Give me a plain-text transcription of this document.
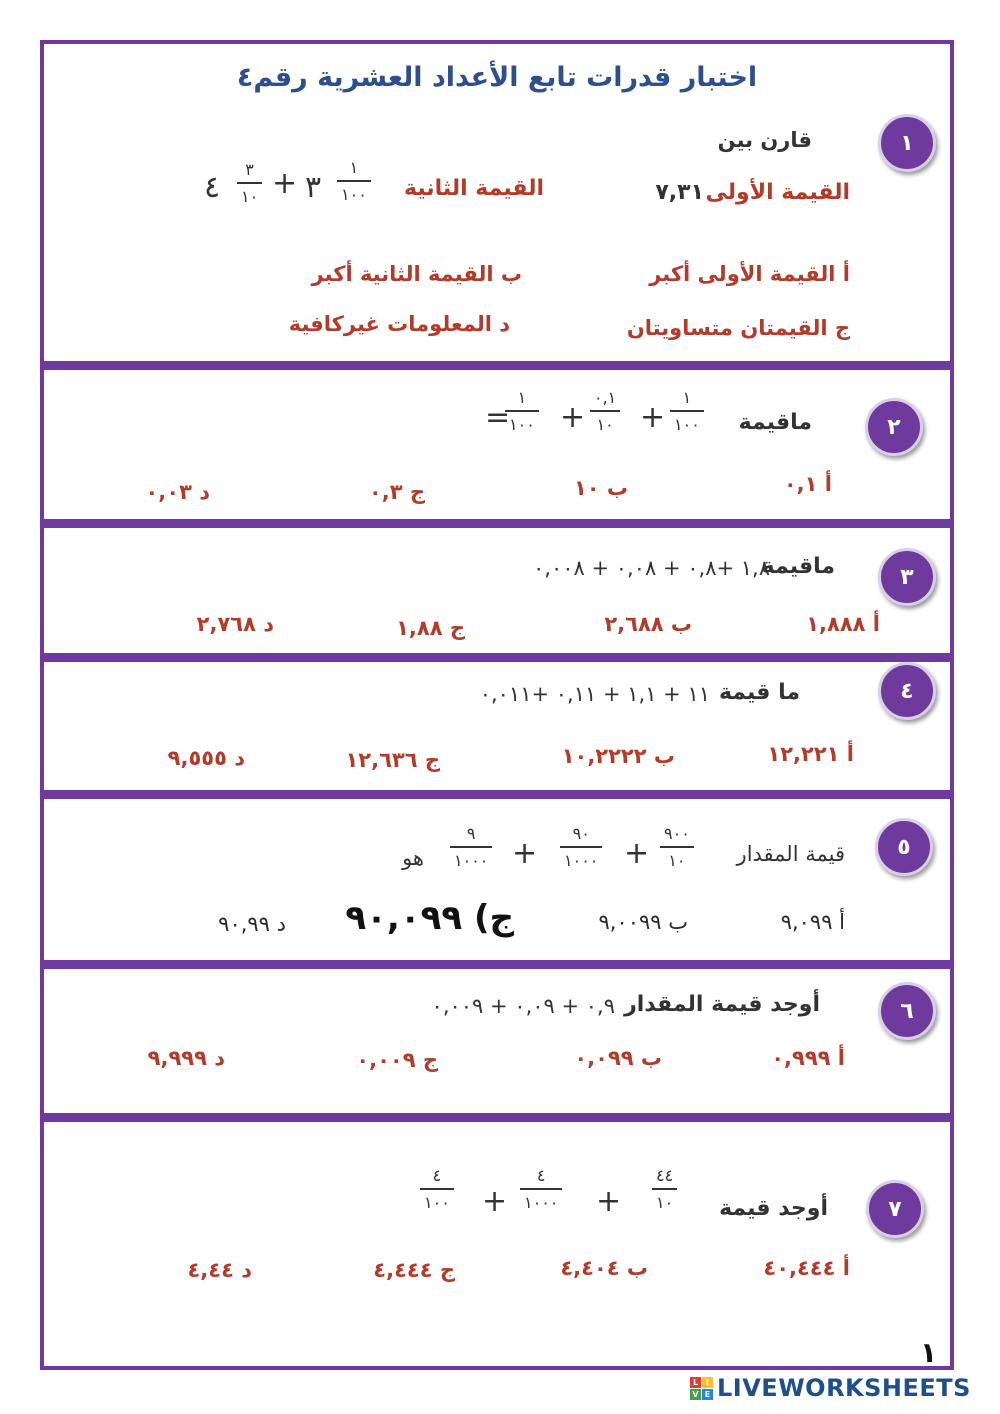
اختبار قدرات تابع الأعداد العشرية رقم٤
١
قارن بين
القيمة الأولى
٧,٣١
القيمة الثانية
١
١٠٠
٣
+
٣
١٠
٤
أ القيمة الأولى أكبر
ب القيمة الثانية أكبر
ج القيمتان متساويتان
د المعلومات غيركافية
٢
ماقيمة
١
١٠٠
+
٠,١
١٠
+
١
١٠٠
=
أ ٠,١
ب ١٠
ج ٠,٣
د ٠,٠٣
٣
ماقيمة
١,٨ +٠,٨ + ٠,٠٨ + ٠,٠٠٨
أ ١,٨٨٨
ب ٢,٦٨٨
ج ١,٨٨
د ٢,٧٦٨
٤
ما قيمة
١١ + ١,١ + ٠,١١ +٠,٠١١
أ ١٢,٢٢١
ب ١٠,٢٢٢٢
ج ١٢,٦٣٦
د ٩,٥٥٥
٥
قيمة المقدار
٩٠٠
١٠
+
٩٠
١٠٠٠
+
٩
١٠٠٠
هو
أ ٩,٠٩٩
ب ٩,٠٠٩٩
ج) ٩٠,٠٩٩
د ٩٠,٩٩
٦
أوجد قيمة المقدار
٠,٩ + ٠,٠٩ + ٠,٠٠٩
أ ٠,٩٩٩
ب ٠,٠٩٩
ج ٠,٠٠٩
د ٩,٩٩٩
٧
أوجد قيمة
٤٤
١٠
+
٤
١٠٠٠
+
٤
١٠٠
أ ٤٠,٤٤٤
ب ٤,٤٠٤
ج ٤,٤٤٤
د ٤,٤٤
١
L I
V E LIVEWORKSHEETS
